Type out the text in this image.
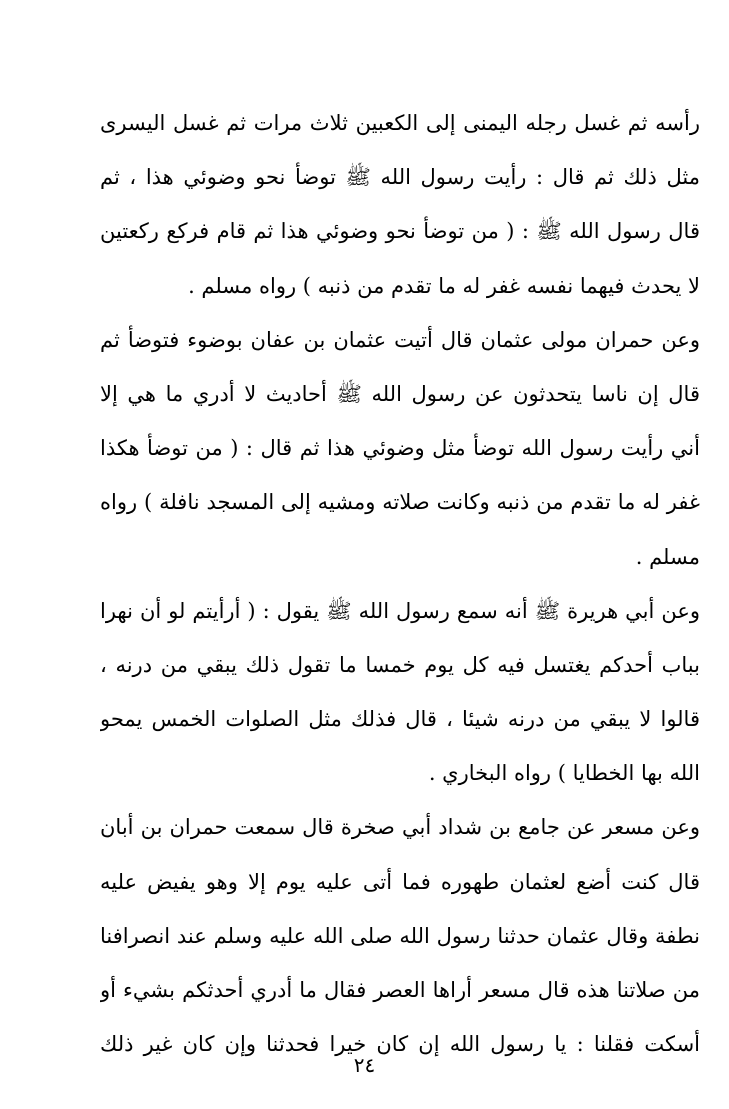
رأسه ثم غسل رجله اليمنى إلى الكعبين ثلاث مرات ثم غسل اليسرى
مثل ذلك ثم قال : رأيت رسول الله ﷺ توضأ نحو وضوئي هذا ، ثم
قال رسول الله ﷺ : ( من توضأ نحو وضوئي هذا ثم قام فركع ركعتين
لا يحدث فيهما نفسه غفر له ما تقدم من ذنبه ) رواه مسلم .
وعن حمران مولى عثمان قال أتيت عثمان بن عفان بوضوء فتوضأ ثم
قال إن ناسا يتحدثون عن رسول الله ﷺ أحاديث لا أدري ما هي إلا
أني رأيت رسول الله توضأ مثل وضوئي هذا ثم قال : ( من توضأ هكذا
غفر له ما تقدم من ذنبه وكانت صلاته ومشيه إلى المسجد نافلة ) رواه
مسلم .
وعن أبي هريرة ﷺ أنه سمع رسول الله ﷺ يقول : ( أرأيتم لو أن نهرا
بباب أحدكم يغتسل فيه كل يوم خمسا ما تقول ذلك يبقي من درنه ،
قالوا لا يبقي من درنه شيئا ، قال فذلك مثل الصلوات الخمس يمحو
الله بها الخطايا ) رواه البخاري .
وعن مسعر عن جامع بن شداد أبي صخرة قال سمعت حمران بن أبان
قال كنت أضع لعثمان طهوره فما أتى عليه يوم إلا وهو يفيض عليه
نطفة وقال عثمان حدثنا رسول الله صلى الله عليه وسلم عند انصرافنا
من صلاتنا هذه قال مسعر أراها العصر فقال ما أدري أحدثكم بشيء أو
أسكت فقلنا : يا رسول الله إن كان خيرا فحدثنا وإن كان غير ذلك
٢٤
